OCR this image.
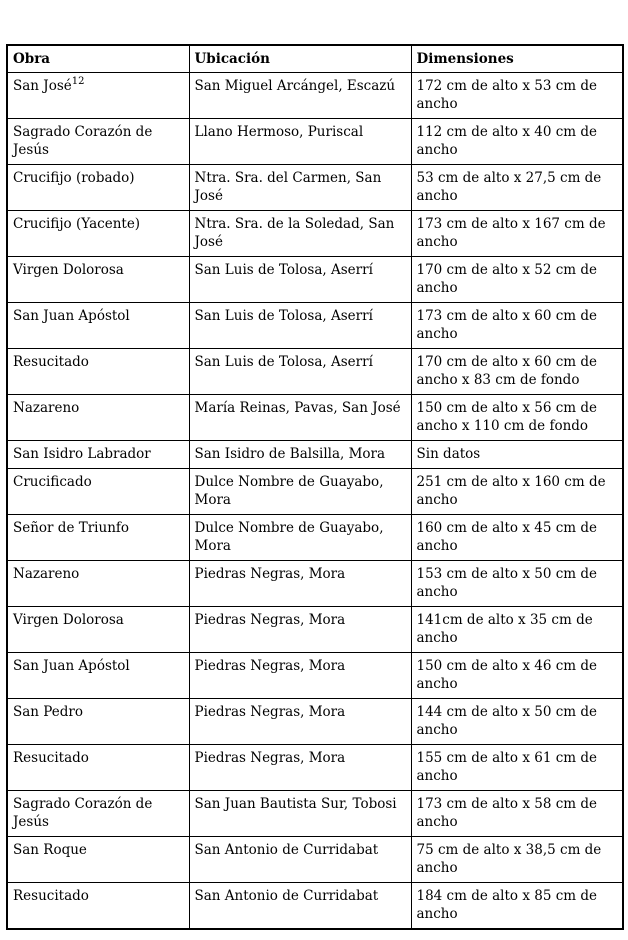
Obra	Ubicación	Dimensiones
San José$^{12}$	San Miguel Arcángel, Escazú	172 cm de alto x 53 cm de ancho
Sagrado Corazón de Jesús	Llano Hermoso, Puriscal	112 cm de alto x 40 cm de ancho
Crucifijo (robado)	Ntra. Sra. del Carmen, San José	53 cm de alto x 27,5 cm de ancho
Crucifijo (Yacente)	Ntra. Sra. de la Soledad, San José	173 cm de alto x 167 cm de ancho
Virgen Dolorosa	San Luis de Tolosa, Aserrí	170 cm de alto x 52 cm de ancho
San Juan Apóstol	San Luis de Tolosa, Aserrí	173 cm de alto x 60 cm de ancho
Resucitado	San Luis de Tolosa, Aserrí	170 cm de alto x 60 cm de ancho x 83 cm de fondo
Nazareno	María Reinas, Pavas, San José	150 cm de alto x 56 cm de ancho x 110 cm de fondo
San Isidro Labrador	San Isidro de Balsilla, Mora	Sin datos
Crucificado	Dulce Nombre de Guayabo, Mora	251 cm de alto x 160 cm de ancho
Señor de Triunfo	Dulce Nombre de Guayabo, Mora	160 cm de alto x 45 cm de ancho
Nazareno	Piedras Negras, Mora	153 cm de alto x 50 cm de ancho
Virgen Dolorosa	Piedras Negras, Mora	141cm de alto x 35 cm de ancho
San Juan Apóstol	Piedras Negras, Mora	150 cm de alto x 46 cm de ancho
San Pedro	Piedras Negras, Mora	144 cm de alto x 50 cm de ancho
Resucitado	Piedras Negras, Mora	155 cm de alto x 61 cm de ancho
Sagrado Corazón de Jesús	San Juan Bautista Sur, Tobosi	173 cm de alto x 58 cm de ancho
San Roque	San Antonio de Curridabat	75 cm de alto x 38,5 cm de ancho
Resucitado	San Antonio de Curridabat	184 cm de alto x 85 cm de ancho
